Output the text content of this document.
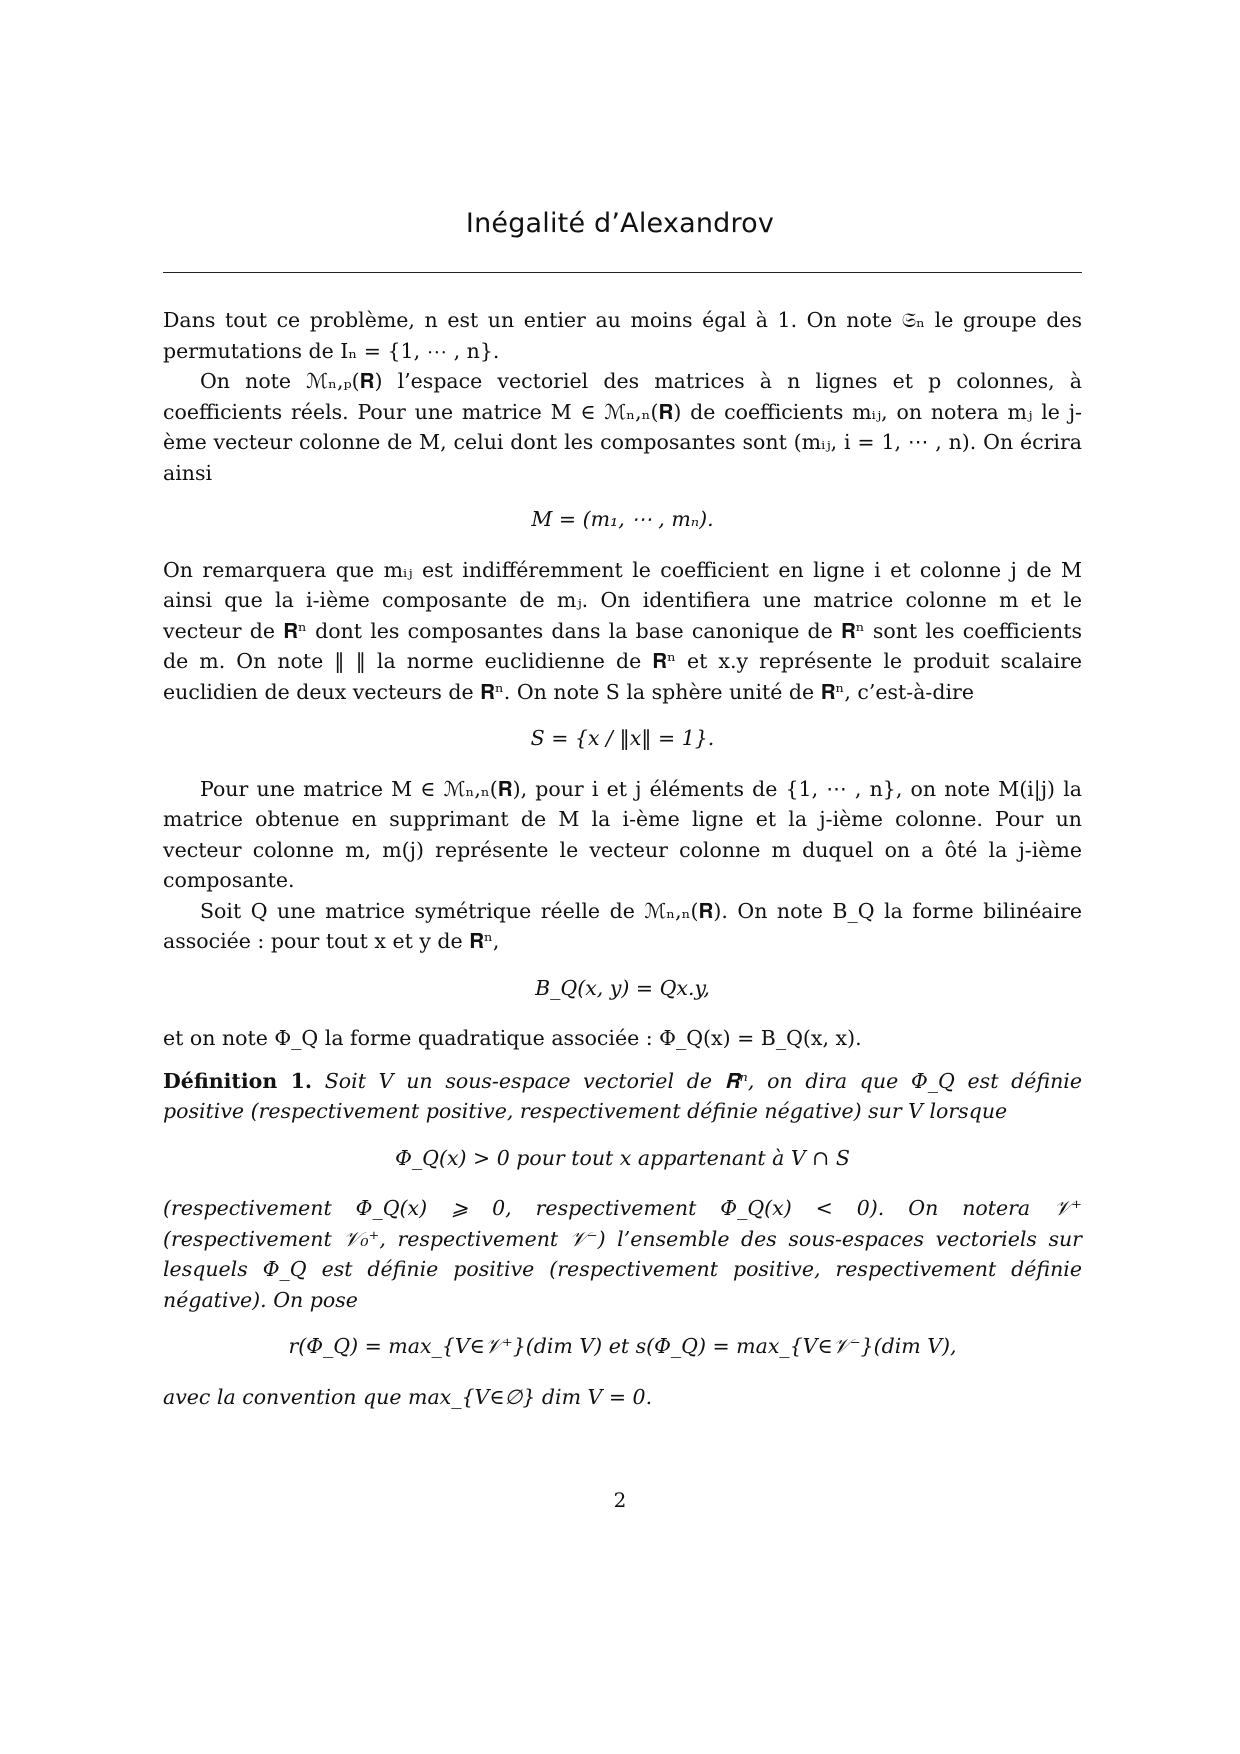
Inégalité d’Alexandrov

Dans tout ce problème, n est un entier au moins égal à 1. On note 𝔖ₙ le groupe des permutations de Iₙ = {1, ⋯ , n}.

On note ℳₙ,ₚ(𝐑) l’espace vectoriel des matrices à n lignes et p colonnes, à coefficients réels. Pour une matrice M ∈ ℳₙ,ₙ(𝐑) de coefficients mᵢⱼ, on notera mⱼ le j-ème vecteur colonne de M, celui dont les composantes sont (mᵢⱼ, i = 1, ⋯ , n). On écrira ainsi

M = (m₁, ⋯ , mₙ).

On remarquera que mᵢⱼ est indifféremment le coefficient en ligne i et colonne j de M ainsi que la i-ième composante de mⱼ. On identifiera une matrice colonne m et le vecteur de 𝐑ⁿ dont les composantes dans la base canonique de 𝐑ⁿ sont les coefficients de m. On note ‖ ‖ la norme euclidienne de 𝐑ⁿ et x.y représente le produit scalaire euclidien de deux vecteurs de 𝐑ⁿ. On note S la sphère unité de 𝐑ⁿ, c’est-à-dire

S = {x / ‖x‖ = 1}.

Pour une matrice M ∈ ℳₙ,ₙ(𝐑), pour i et j éléments de {1, ⋯ , n}, on note M(i|j) la matrice obtenue en supprimant de M la i-ème ligne et la j-ième colonne. Pour un vecteur colonne m, m(j) représente le vecteur colonne m duquel on a ôté la j-ième composante.

Soit Q une matrice symétrique réelle de ℳₙ,ₙ(𝐑). On note B_Q la forme bilinéaire associée : pour tout x et y de 𝐑ⁿ,

B_Q(x, y) = Qx.y,

et on note Φ_Q la forme quadratique associée : Φ_Q(x) = B_Q(x, x).

Définition 1. Soit V un sous-espace vectoriel de 𝐑ⁿ, on dira que Φ_Q est définie positive (respectivement positive, respectivement définie négative) sur V lorsque

Φ_Q(x) > 0 pour tout x appartenant à V ∩ S

(respectivement Φ_Q(x) ⩾ 0, respectivement Φ_Q(x) < 0). On notera 𝒱⁺ (respectivement 𝒱₀⁺, respectivement 𝒱⁻) l’ensemble des sous-espaces vectoriels sur lesquels Φ_Q est définie positive (respectivement positive, respectivement définie négative). On pose

r(Φ_Q) = max_{V∈𝒱⁺}(dim V) et s(Φ_Q) = max_{V∈𝒱⁻}(dim V),

avec la convention que max_{V∈∅} dim V = 0.

2
